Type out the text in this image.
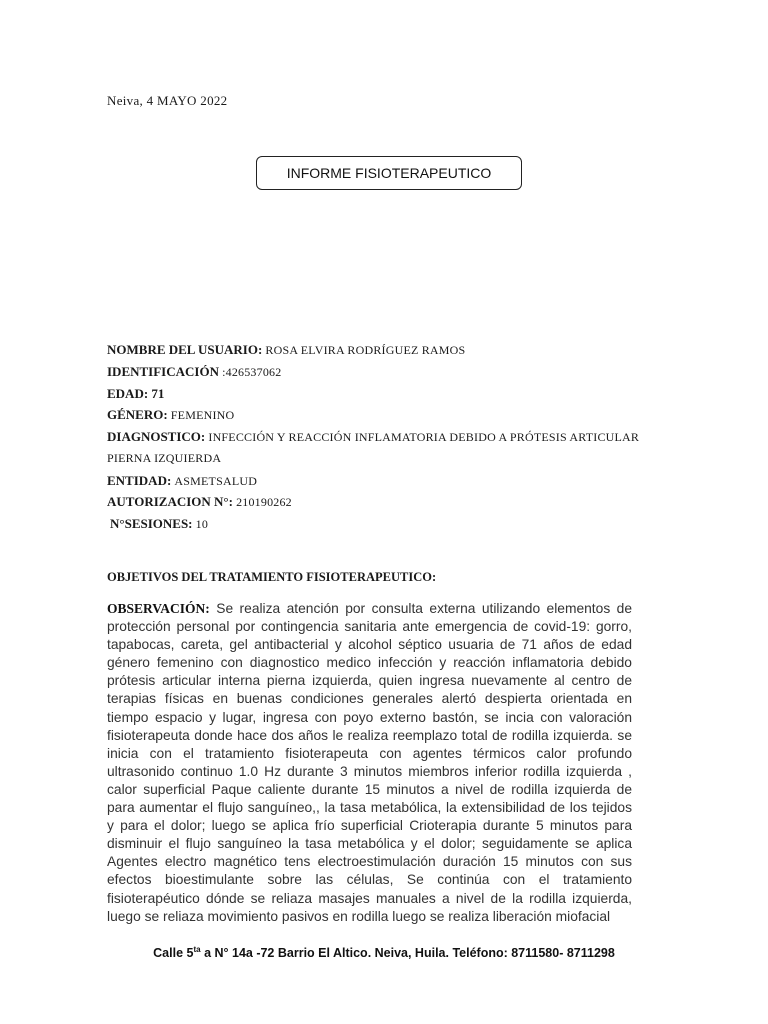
Neiva, 4 MAYO 2022
INFORME FISIOTERAPEUTICO
NOMBRE DEL USUARIO: ROSA ELVIRA RODRÍGUEZ RAMOS
IDENTIFICACIÓN :426537062
EDAD: 71
GÉNERO: FEMENINO
DIAGNOSTICO: INFECCIÓN Y REACCIÓN INFLAMATORIA DEBIDO A PRÓTESIS ARTICULAR
PIERNA IZQUIERDA
ENTIDAD: ASMETSALUD
AUTORIZACION N°: 210190262
N°SESIONES: 10
OBJETIVOS DEL TRATAMIENTO FISIOTERAPEUTICO:
OBSERVACIÓN: Se realiza atención por consulta externa utilizando elementos de protección personal por contingencia sanitaria ante emergencia de covid-19: gorro, tapabocas, careta, gel antibacterial y alcohol séptico usuaria de 71 años de edad género femenino con diagnostico medico infección y reacción inflamatoria debido prótesis articular interna pierna izquierda, quien ingresa nuevamente al centro de terapias físicas en buenas condiciones generales alertó despierta orientada en tiempo espacio y lugar, ingresa con poyo externo bastón, se incia con valoración fisioterapeuta donde hace dos años le realiza reemplazo total de rodilla izquierda. se inicia con el tratamiento fisioterapeuta con agentes térmicos calor profundo ultrasonido continuo 1.0 Hz durante 3 minutos miembros inferior rodilla izquierda , calor superficial Paque caliente durante 15 minutos a nivel de rodilla izquierda de para aumentar el flujo sanguíneo,, la tasa metabólica, la extensibilidad de los tejidos y para el dolor; luego se aplica frío superficial Crioterapia durante 5 minutos para disminuir el flujo sanguíneo la tasa metabólica y el dolor; seguidamente se aplica Agentes electro magnético tens electroestimulación duración 15 minutos con sus efectos bioestimulante sobre las células, Se continúa con el tratamiento fisioterapéutico dónde se reliaza masajes manuales a nivel de la rodilla izquierda, luego se reliaza movimiento pasivos en rodilla luego se realiza liberación miofacial
Calle $5^{ta}$ a N° 14a -72 Barrio El Altico. Neiva, Huila. Teléfono: 8711580- 8711298
